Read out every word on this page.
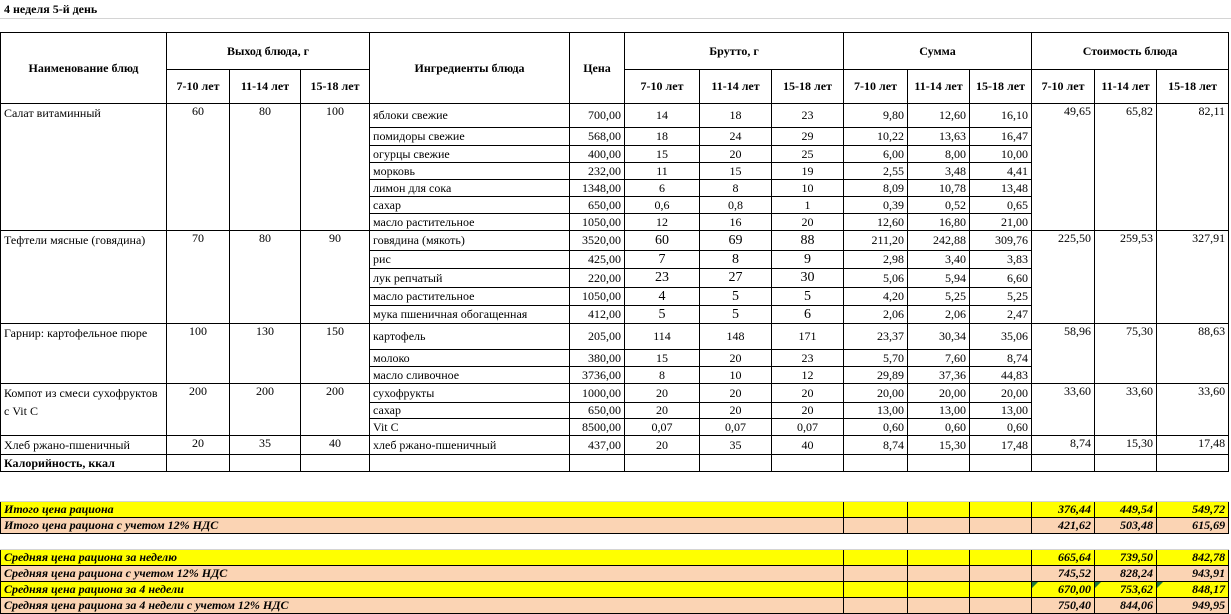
4 неделя 5-й день
Наименование блюд	Выход блюда, г			Ингредиенты блюда	Цена	Брутто, г			Сумма			Стоимость блюда		
	7-10 лет	11-14 лет	15-18 лет			7-10 лет	11-14 лет	15-18 лет	7-10 лет	11-14 лет	15-18 лет	7-10 лет	11-14 лет	15-18 лет
Салат витаминный	60	80	100	яблоки свежие	700,00	14	18	23	9,80	12,60	16,10	49,65	65,82	82,11
				помидоры свежие	568,00	18	24	29	10,22	13,63	16,47			
				огурцы свежие	400,00	15	20	25	6,00	8,00	10,00			
				морковь	232,00	11	15	19	2,55	3,48	4,41			
				лимон для сока	1348,00	6	8	10	8,09	10,78	13,48			
				сахар	650,00	0,6	0,8	1	0,39	0,52	0,65			
				масло растительное	1050,00	12	16	20	12,60	16,80	21,00			
Тефтели мясные (говядина)	70	80	90	говядина (мякоть)	3520,00	60	69	88	211,20	242,88	309,76	225,50	259,53	327,91
				рис	425,00	7	8	9	2,98	3,40	3,83			
				лук репчатый	220,00	23	27	30	5,06	5,94	6,60			
				масло растительное	1050,00	4	5	5	4,20	5,25	5,25			
				мука пшеничная обогащенная	412,00	5	5	6	2,06	2,06	2,47			
Гарнир: картофельное пюре	100	130	150	картофель	205,00	114	148	171	23,37	30,34	35,06	58,96	75,30	88,63
				молоко	380,00	15	20	23	5,70	7,60	8,74			
				масло сливочное	3736,00	8	10	12	29,89	37,36	44,83			
Компот из смеси сухофруктов с Vit C	200	200	200	сухофрукты	1000,00	20	20	20	20,00	20,00	20,00	33,60	33,60	33,60
				сахар	650,00	20	20	20	13,00	13,00	13,00			
				Vit C	8500,00	0,07	0,07	0,07	0,60	0,60	0,60			
Хлеб ржано-пшеничный	20	35	40	хлеб ржано-пшеничный	437,00	20	35	40	8,74	15,30	17,48	8,74	15,30	17,48
Калорийность, ккал														

Итого цена рациона												376,44	449,54	549,72
Итого цена рациона с учетом 12% НДС												421,62	503,48	615,69

Средняя цена рациона за неделю												665,64	739,50	842,78
Средняя цена рациона с учетом 12% НДС												745,52	828,24	943,91
Средняя цена рациона за 4 недели												670,00	753,62	848,17
Средняя цена рациона за 4 недели с учетом 12% НДС												750,40	844,06	949,95
